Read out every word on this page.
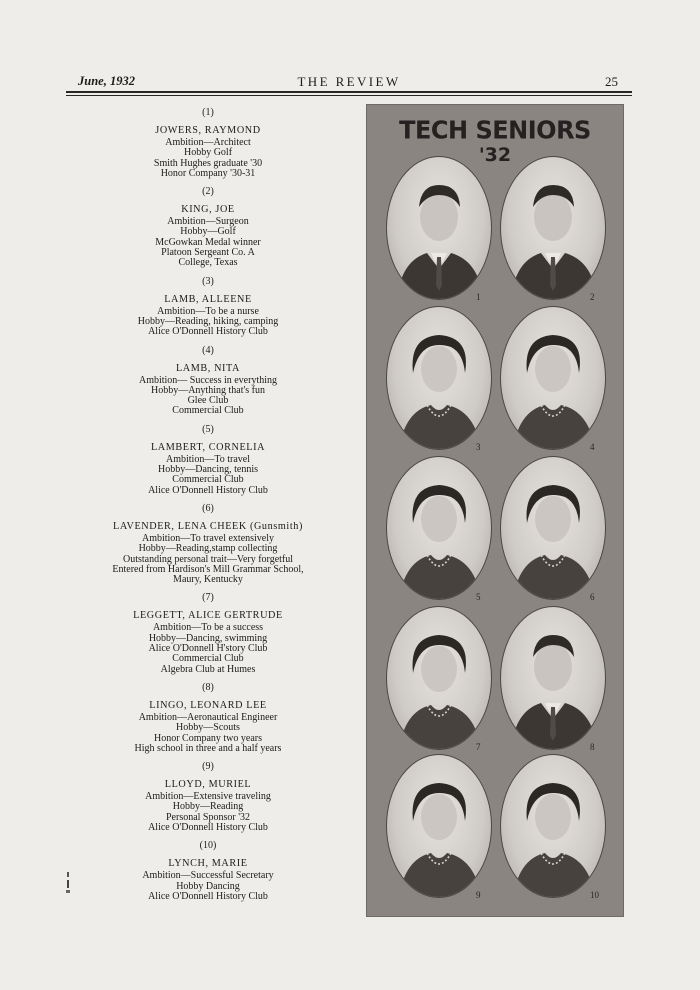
June, 1932	THE REVIEW	25
(1)
JOWERS, RAYMOND
Ambition—Architect
Hobby Golf
Smith Hughes graduate '30
Honor Company '30-31
(2)
KING, JOE
Ambition—Surgeon
Hobby—Golf
McGowkan Medal winner
Platoon Sergeant Co. A
College, Texas
(3)
LAMB, ALLEENE
Ambition—To be a nurse
Hobby—Reading, hiking, camping
Alice O'Donnell History Club
(4)
LAMB, NITA
Ambition— Success in everything
Hobby—Anything that's fun
Glee Club
Commercial Club
(5)
LAMBERT, CORNELIA
Ambition—To travel
Hobby—Dancing, tennis
Commercial Club
Alice O'Donnell History Club
(6)
LAVENDER, LENA CHEEK (Gunsmith)
Ambition—To travel extensively
Hobby—Reading,stamp collecting
Outstanding personal trait—Very forgetful
Entered from Hardison's Mill Grammar School,
Maury, Kentucky
(7)
LEGGETT, ALICE GERTRUDE
Ambition—To be a success
Hobby—Dancing, swimming
Alice O'Donnell H'story Club
Commercial Club
Algebra Club at Humes
(8)
LINGO, LEONARD LEE
Ambition—Aeronautical Engineer
Hobby—Scouts
Honor Company two years
High school in three and a half years
(9)
LLOYD, MURIEL
Ambition—Extensive traveling
Hobby—Reading
Personal Sponsor '32
Alice O'Donnell History Club
(10)
LYNCH, MARIE
Ambition—Successful Secretary
Hobby Dancing
Alice O'Donnell History Club
TECH SENIORS
'32
1	2
3	4
5	6
7	8
9	10
